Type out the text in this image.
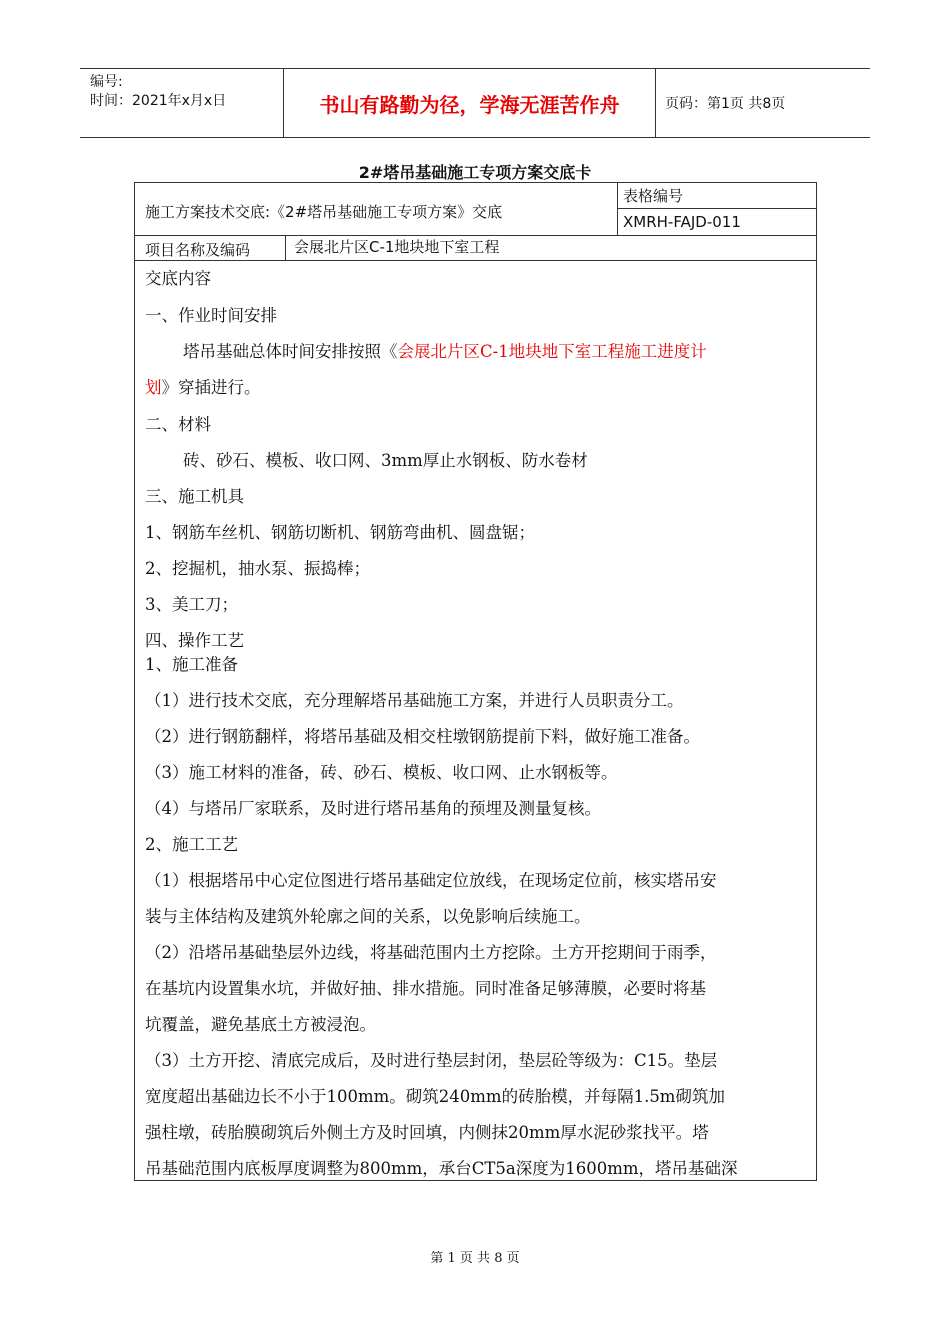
编号:
时间：2021年x月x日	书山有路勤为径，学海无涯苦作舟	页码：第1页 共8页
2#塔吊基础施工专项方案交底卡
施工方案技术交底:《2#塔吊基础施工专项方案》交底
表格编号
XMRH-FAJD-011
项目名称及编码	会展北片区C-1地块地下室工程
交底内容
一、作业时间安排
塔吊基础总体时间安排按照《会展北片区C-1地块地下室工程施工进度计
划》穿插进行。
二、材料
砖、砂石、模板、收口网、3mm厚止水钢板、防水卷材
三、施工机具
1、钢筋车丝机、钢筋切断机、钢筋弯曲机、圆盘锯；
2、挖掘机，抽水泵、振捣棒；
3、美工刀；
四、操作工艺
1、施工准备
（1）进行技术交底，充分理解塔吊基础施工方案，并进行人员职责分工。
（2）进行钢筋翻样，将塔吊基础及相交柱墩钢筋提前下料，做好施工准备。
（3）施工材料的准备，砖、砂石、模板、收口网、止水钢板等。
（4）与塔吊厂家联系，及时进行塔吊基角的预埋及测量复核。
2、施工工艺
（1）根据塔吊中心定位图进行塔吊基础定位放线，在现场定位前，核实塔吊安
装与主体结构及建筑外轮廓之间的关系，以免影响后续施工。
（2）沿塔吊基础垫层外边线，将基础范围内土方挖除。土方开挖期间于雨季，
在基坑内设置集水坑，并做好抽、排水措施。同时准备足够薄膜，必要时将基
坑覆盖，避免基底土方被浸泡。
（3）土方开挖、清底完成后，及时进行垫层封闭，垫层砼等级为：C15。垫层
宽度超出基础边长不小于100mm。砌筑240mm的砖胎模，并每隔1.5m砌筑加
强柱墩，砖胎膜砌筑后外侧土方及时回填，内侧抹20mm厚水泥砂浆找平。塔
吊基础范围内底板厚度调整为800mm，承台CT5a深度为1600mm，塔吊基础深
第 1 页 共 8 页
